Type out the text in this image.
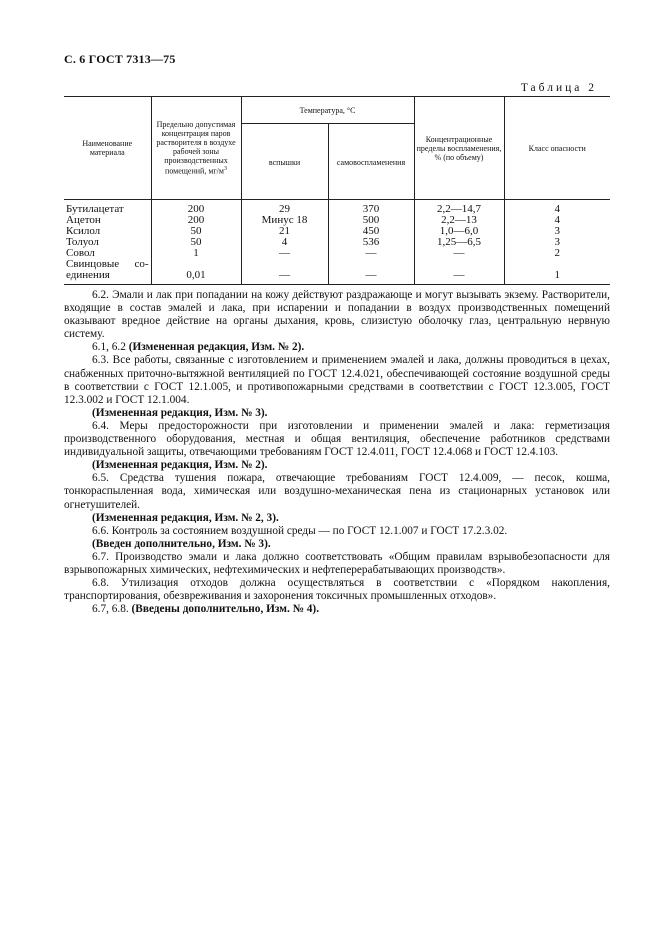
С. 6 ГОСТ 7313—75
Таблица 2
Наименование материала	Предельно допустимая концентрация паров растворителя в воздухе рабочей зоны производственных помещений, $мг/м^3$	Температура, °С		Концентрационные пределы воспламенения, % (по объему)	Класс опасности
		вспышки	самовоспламенения		
Бутилацетат	200	29	370	2,2—14,7	4
Ацетон	200	Минус 18	500	2,2—13	4
Ксилол	50	21	450	1,0—6,0	3
Толуол	50	4	536	1,25—6,5	3
Совол	1	—	—	—	2

Свинцовые со-
единения	0,01	—	—	—	1

6.2. Эмали и лак при попадании на кожу действуют раздражающе и могут вызывать экзему. Растворители, входящие в состав эмалей и лака, при испарении и попадании в воздух производственных помещений оказывают вредное действие на органы дыхания, кровь, слизистую оболочку глаз, центральную нервную систему.

6.1, 6.2 (Измененная редакция, Изм. № 2).

6.3. Все работы, связанные с изготовлением и применением эмалей и лака, должны проводиться в цехах, снабженных приточно-вытяжной вентиляцией по ГОСТ 12.4.021, обеспечивающей состояние воздушной среды в соответствии с ГОСТ 12.1.005, и противопожарными средствами в соответствии с ГОСТ 12.3.005, ГОСТ 12.3.002 и ГОСТ 12.1.004.

(Измененная редакция, Изм. № 3).

6.4. Меры предосторожности при изготовлении и применении эмалей и лака: герметизация производственного оборудования, местная и общая вентиляция, обеспечение работников средствами индивидуальной защиты, отвечающими требованиям ГОСТ 12.4.011, ГОСТ 12.4.068 и ГОСТ 12.4.103.

(Измененная редакция, Изм. № 2).

6.5. Средства тушения пожара, отвечающие требованиям ГОСТ 12.4.009, — песок, кошма, тонкораспыленная вода, химическая или воздушно-механическая пена из стационарных установок или огнетушителей.

(Измененная редакция, Изм. № 2, 3).

6.6. Контроль за состоянием воздушной среды — по ГОСТ 12.1.007 и ГОСТ 17.2.3.02.

(Введен дополнительно, Изм. № 3).

6.7. Производство эмали и лака должно соответствовать «Общим правилам взрывобезопасности для взрывопожарных химических, нефтехимических и нефтеперерабатывающих производств».

6.8. Утилизация отходов должна осуществляться в соответствии с «Порядком накопления, транспортирования, обезвреживания и захоронения токсичных промышленных отходов».

6.7, 6.8. (Введены дополнительно, Изм. № 4).
